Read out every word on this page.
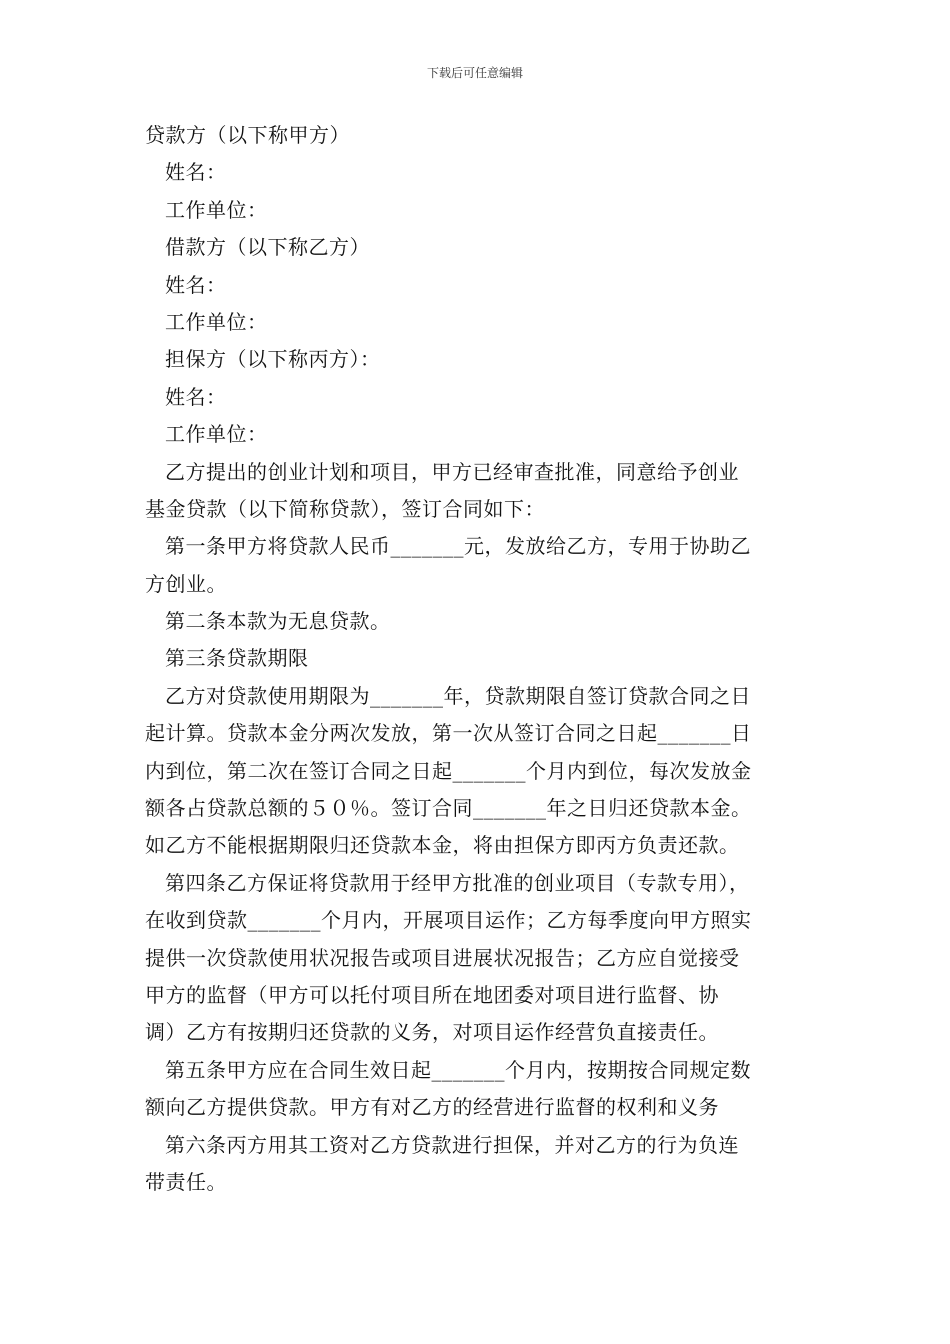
下载后可任意编辑
贷款方（以下称甲方）
姓名：
工作单位：
借款方（以下称乙方）
姓名：
工作单位：
担保方（以下称丙方）：
姓名：
工作单位：
乙方提出的创业计划和项目，甲方已经审查批准，同意给予创业
基金贷款（以下简称贷款），签订合同如下：
第一条甲方将贷款人民币_______元，发放给乙方，专用于协助乙
方创业。
第二条本款为无息贷款。
第三条贷款期限
乙方对贷款使用期限为_______年，贷款期限自签订贷款合同之日
起计算。贷款本金分两次发放，第一次从签订合同之日起_______日
内到位，第二次在签订合同之日起_______个月内到位，每次发放金
额各占贷款总额的５０％。签订合同_______年之日归还贷款本金。
如乙方不能根据期限归还贷款本金，将由担保方即丙方负责还款。
第四条乙方保证将贷款用于经甲方批准的创业项目（专款专用），
在收到贷款_______个月内，开展项目运作；乙方每季度向甲方照实
提供一次贷款使用状况报告或项目进展状况报告；乙方应自觉接受
甲方的监督（甲方可以托付项目所在地团委对项目进行监督、协
调）乙方有按期归还贷款的义务，对项目运作经营负直接责任。
第五条甲方应在合同生效日起_______个月内，按期按合同规定数
额向乙方提供贷款。甲方有对乙方的经营进行监督的权利和义务
第六条丙方用其工资对乙方贷款进行担保，并对乙方的行为负连
带责任。
